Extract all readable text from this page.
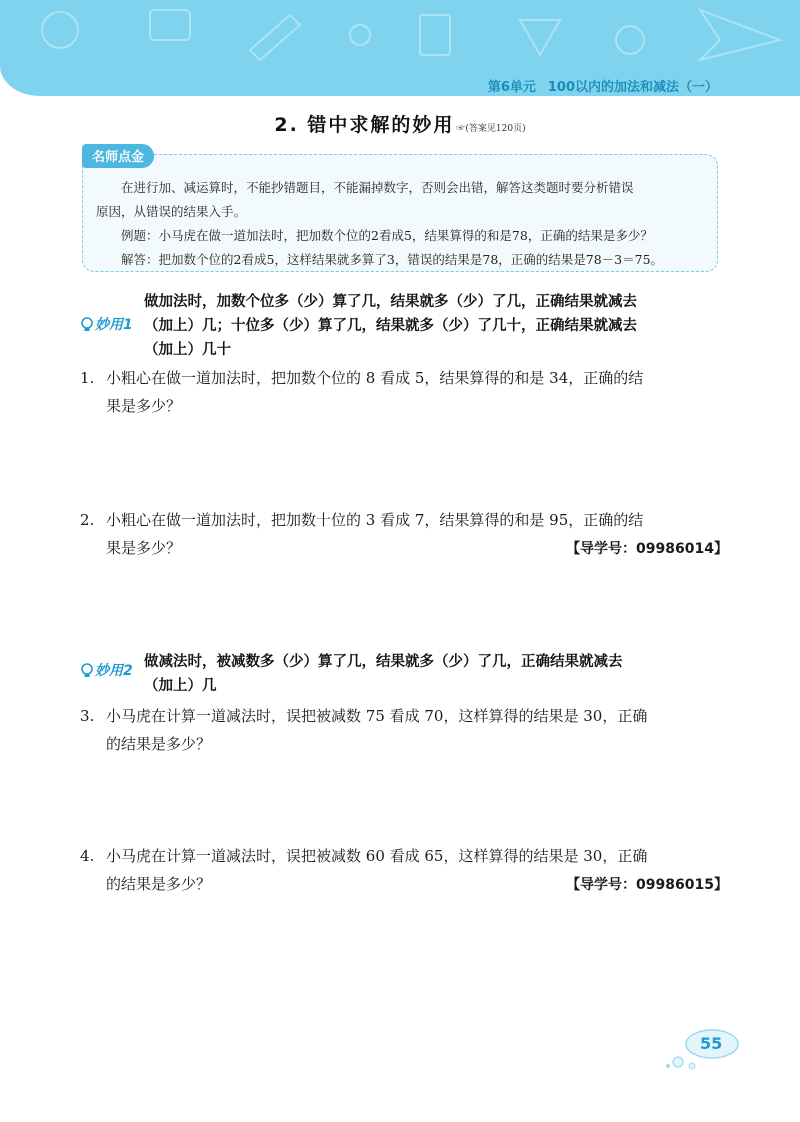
第6单元 100以内的加法和减法（一）
2. 错中求解的妙用 ☞(答案见120页)
名师点金

在进行加、减运算时，不能抄错题目，不能漏掉数字，否则会出错，解答这类题时要分析错误

原因，从错误的结果入手。

例题：小马虎在做一道加法时，把加数个位的2看成5，结果算得的和是78，正确的结果是多少？

解答：把加数个位的2看成5，这样结果就多算了3，错误的结果是78，正确的结果是78－3＝75。

妙用1
做加法时，加数个位多（少）算了几，结果就多（少）了几，正确结果就减去
（加上）几；十位多（少）算了几，结果就多（少）了几十，正确结果就减去
（加上）几十
1. 小粗心在做一道加法时，把加数个位的 8 看成 5，结果算得的和是 34，正确的结
果是多少？
2. 小粗心在做一道加法时，把加数十位的 3 看成 7，结果算得的和是 95，正确的结
果是多少？	【导学号：09986014】
妙用2
做减法时，被减数多（少）算了几，结果就多（少）了几，正确结果就减去
（加上）几
3. 小马虎在计算一道减法时，误把被减数 75 看成 70，这样算得的结果是 30，正确
的结果是多少？
4. 小马虎在计算一道减法时，误把被减数 60 看成 65，这样算得的结果是 30，正确
的结果是多少？	【导学号：09986015】
55
